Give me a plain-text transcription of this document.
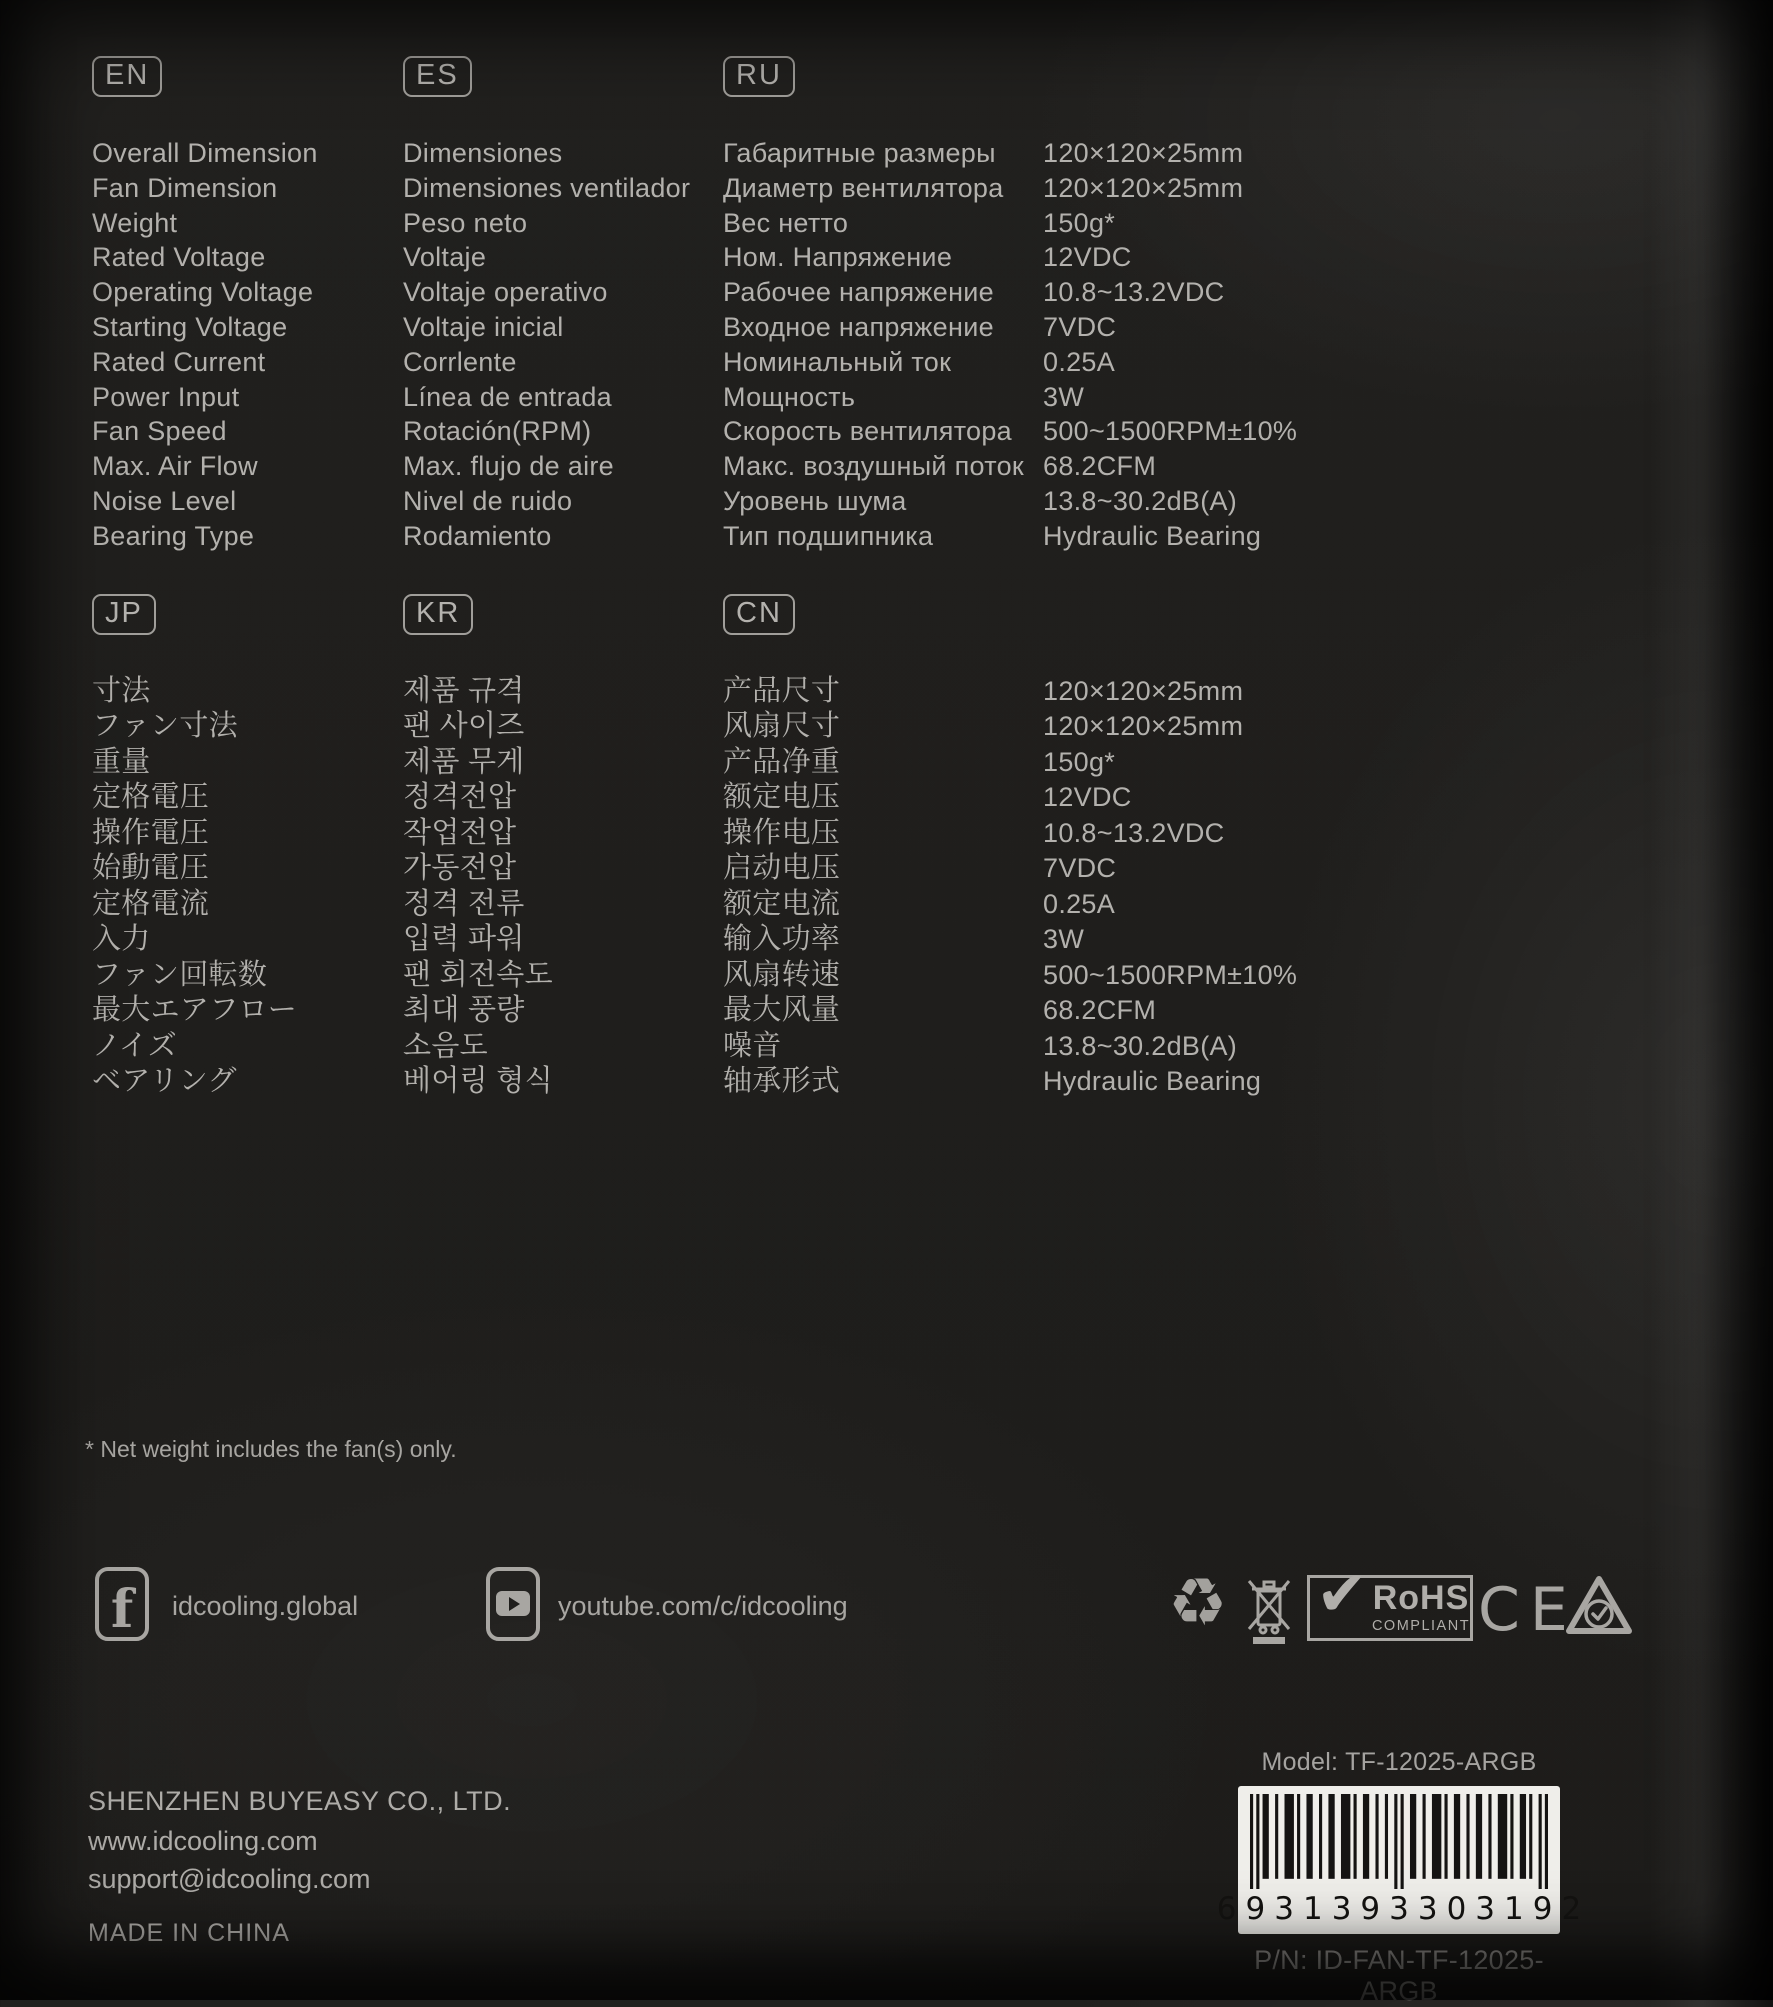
EN	ES	RU
Overall Dimension	Dimensiones	Габаритные размеры	120×120×25mm
Fan Dimension	Dimensiones ventilador	Диаметр вентилятора	120×120×25mm
Weight	Peso neto	Вес нетто	150g*
Rated Voltage	Voltaje	Ном. Напряжение	12VDC
Operating Voltage	Voltaje operativo	Рабочее напряжение	10.8~13.2VDC
Starting Voltage	Voltaje inicial	Входное напряжение	7VDC
Rated Current	Corrlente	Номинальный ток	0.25A
Power Input	Línea de entrada	Мощность	3W
Fan Speed	Rotación(RPM)	Скорость вентилятора	500~1500RPM±10%
Max. Air Flow	Max. flujo de aire	Макс. воздушный поток 68.2CFM
Noise Level	Nivel de ruido	Уровень шума	13.8~30.2dB(A)
Bearing Type	Rodamiento	Тип подшипника	Hydraulic Bearing
JP	KR	CN
寸法	제품 규격	产品尺寸	120×120×25mm
ファン寸法	팬 사이즈	风扇尺寸	120×120×25mm
重量	제품 무게	产品净重	150g*
定格電圧	정격전압	额定电压	12VDC
操作電圧	작업전압	操作电压	10.8~13.2VDC
始動電圧	가동전압	启动电压	7VDC
定格電流	정격 전류	额定电流	0.25A
入力	입력 파워	输入功率	3W
ファン回転数	팬 회전속도	风扇转速	500~1500RPM±10%
最大エアフロー	최대 풍량	最大风量	68.2CFM
ノイズ	소음도	噪音	13.8~30.2dB(A)
ベアリング	베어링 형식	轴承形式	Hydraulic Bearing
* Net weight includes the fan(s) only.
f idcooling.global	youtube.com/c/idcooling	♻ ✔ RoHS
COMPLIANT CE
SHENZHEN BUYEASY CO., LTD.
www.idcooling.com
support@idcooling.com
MADE IN CHINA
Model: TF-12025-ARGB
6931393303192
P/N: ID-FAN-TF-12025-ARGB
